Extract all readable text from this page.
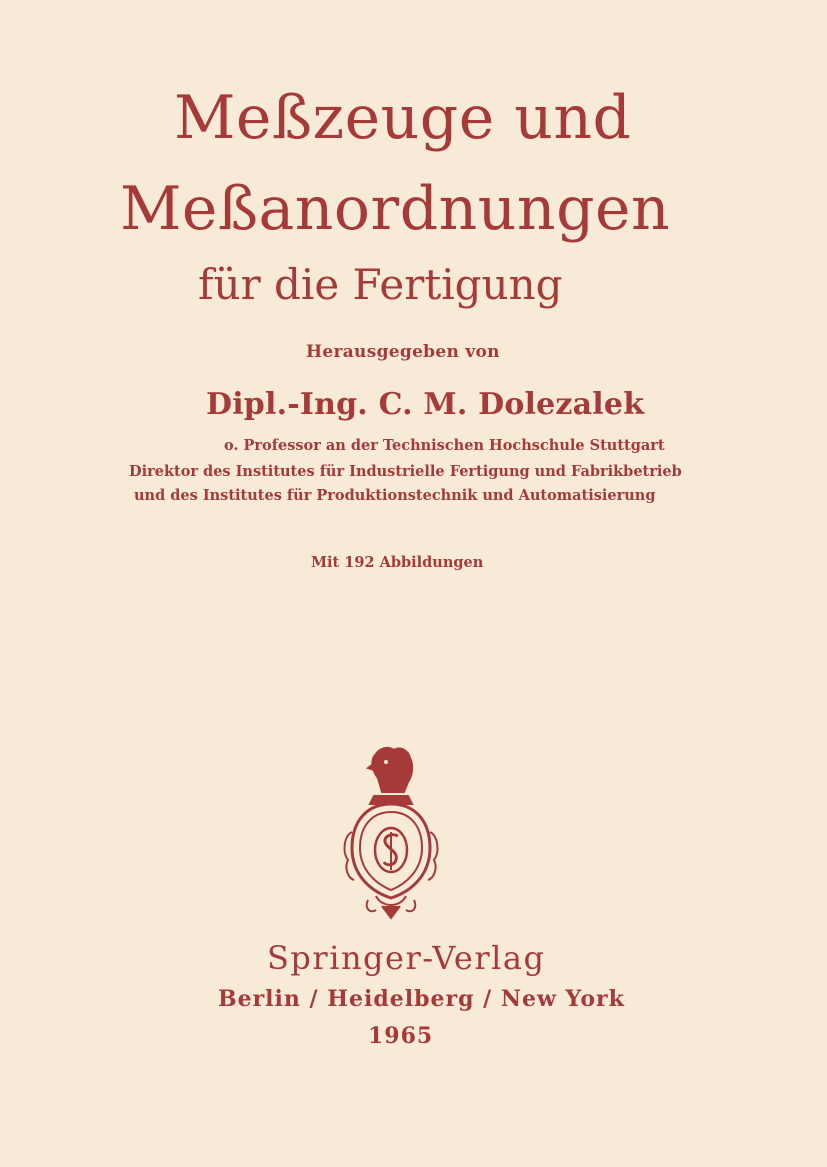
Meßzeuge und
Meßanordnungen
für die Fertigung

Herausgegeben von

Dipl.-Ing. C. M. Dolezalek

o. Professor an der Technischen Hochschule Stuttgart

Direktor des Institutes für Industrielle Fertigung und Fabrikbetrieb

und des Institutes für Produktionstechnik und Automatisierung

Mit 192 Abbildungen

Springer-Verlag

Berlin / Heidelberg / New York

1965
